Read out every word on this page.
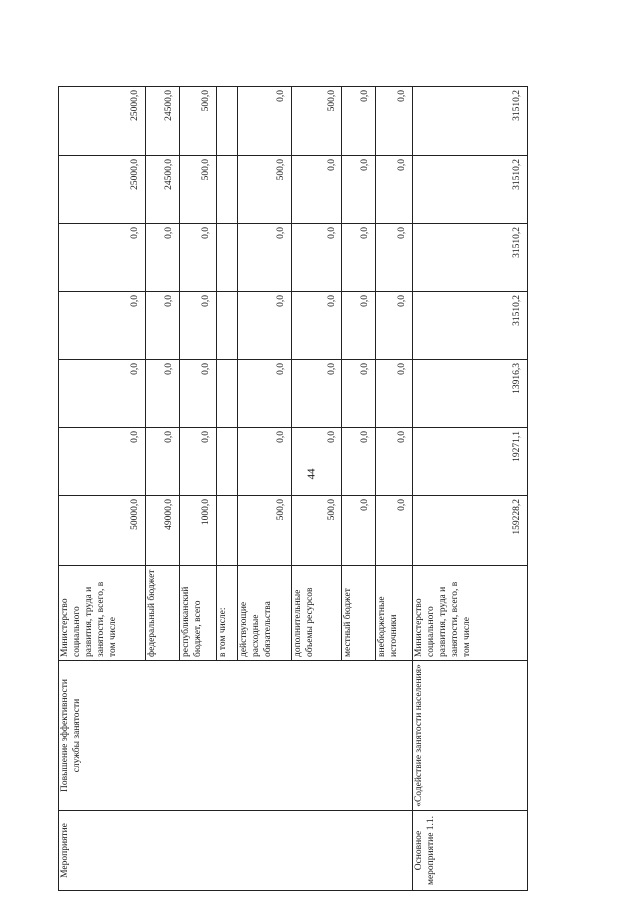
44
Мероприятие	Повышение эффективности службы занятости	Министерство социального развития, труда и занятости, всего, в том числе	50000,0	0,0	0,0	0,0	0,0	25000,0	25000,0
		федеральный бюджет	49000,0	0,0	0,0	0,0	0,0	24500,0	24500,0
		республиканский бюджет, всего	1000,0	0,0	0,0	0,0	0,0	500,0	500,0
		в том числе:							
		действующие расходные обязательства	500,0	0,0	0,0	0,0	0,0	500,0	0,0
		дополнительные объемы ресурсов	500,0	0,0	0,0	0,0	0,0	0,0	500,0
		местный бюджет	0,0	0,0	0,0	0,0	0,0	0,0	0,0
		внебюджетные источники	0,0	0,0	0,0	0,0	0,0	0,0	0,0
Основное мероприятие 1.1.	«Содействие занятости населения»	Министерство социального развития, труда и занятости, всего, в том числе	159228,2	19271,1	13916,3	31510,2	31510,2	31510,2	31510,2
